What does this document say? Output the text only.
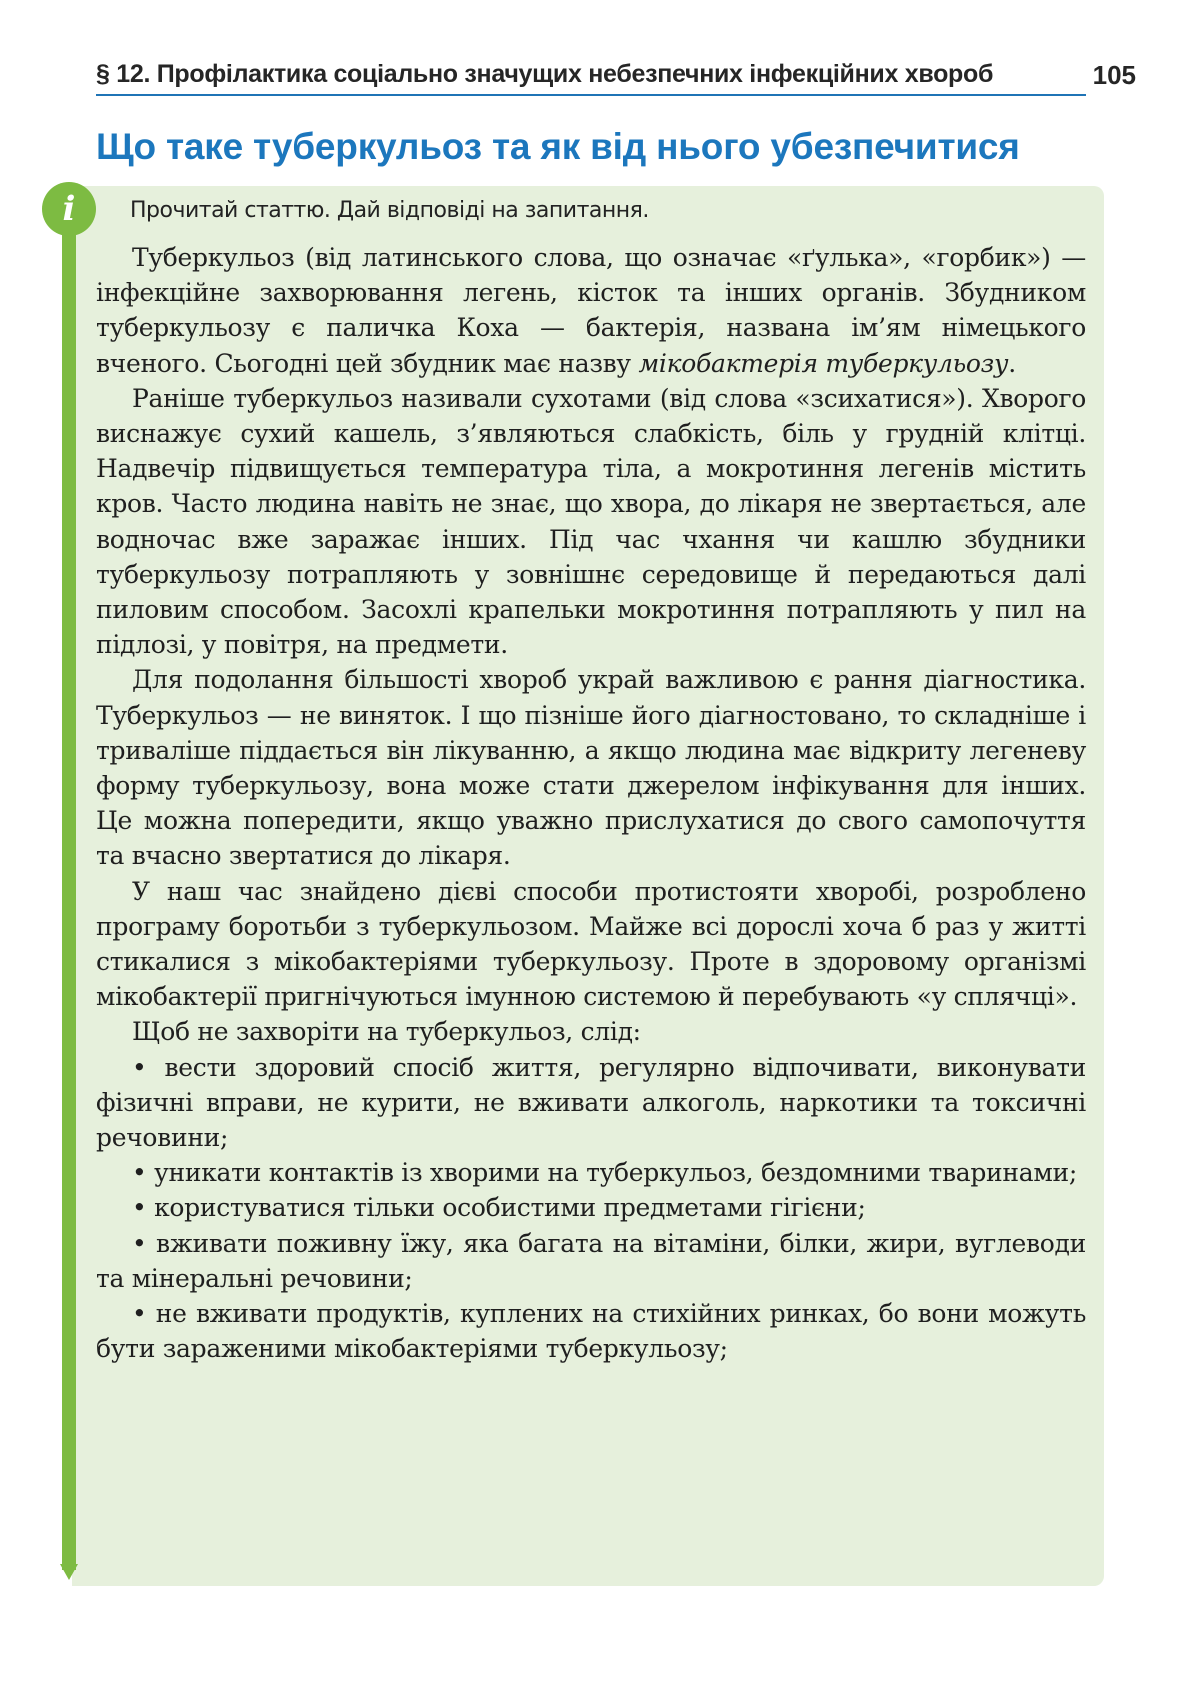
§ 12. Профілактика соціально значущих небезпечних інфекційних хвороб	105
Що таке туберкульоз та як від нього убезпечитися
i	Прочитай статтю. Дай відповіді на запитання.

Туберкульоз (від латинського слова, що означає «ґулька», «горбик») — інфекційне захворювання легень, кісток та інших органів. Збудником туберкульозу є паличка Коха — бактерія, названа ім’ям німецького вченого. Сьогодні цей збудник має назву мікобактерія туберкульозу.

Раніше туберкульоз називали сухотами (від слова «зсихатися»). Хворого виснажує сухий кашель, з’являються слабкість, біль у грудній клітці. Надвечір підвищується температура тіла, а мокротиння легенів містить кров. Часто людина навіть не знає, що хвора, до лікаря не звертається, але водночас вже заражає інших. Під час чхання чи кашлю збудники туберкульозу потрапляють у зовнішнє середовище й передаються далі пиловим способом. Засохлі крапельки мокротиння потрапляють у пил на підлозі, у повітря, на предмети.

Для подолання більшості хвороб украй важливою є рання діагностика. Туберкульоз — не виняток. І що пізніше його діагностовано, то складніше і триваліше піддається він лікуванню, а якщо людина має відкриту легеневу форму туберкульозу, вона може стати джерелом інфікування для інших. Це можна попередити, якщо уважно прислухатися до свого самопочуття та вчасно звертатися до лікаря.

У наш час знайдено дієві способи протистояти хворобі, розроблено програму боротьби з туберкульозом. Майже всі дорослі хоча б раз у житті стикалися з мікобактеріями туберкульозу. Проте в здоровому організмі мікобактерії пригнічуються імунною системою й перебувають «у сплячці».

Щоб не захворіти на туберкульоз, слід:

• вести здоровий спосіб життя, регулярно відпочивати, виконувати фізичні вправи, не курити, не вживати алкоголь, наркотики та токсичні речовини;

• уникати контактів із хворими на туберкульоз, бездомними тваринами;

• користуватися тільки особистими предметами гігієни;

• вживати поживну їжу, яка багата на вітаміни, білки, жири, вуглеводи та мінеральні речовини;

• не вживати продуктів, куплених на стихійних ринках, бо вони можуть бути зараженими мікобактеріями туберкульозу;
